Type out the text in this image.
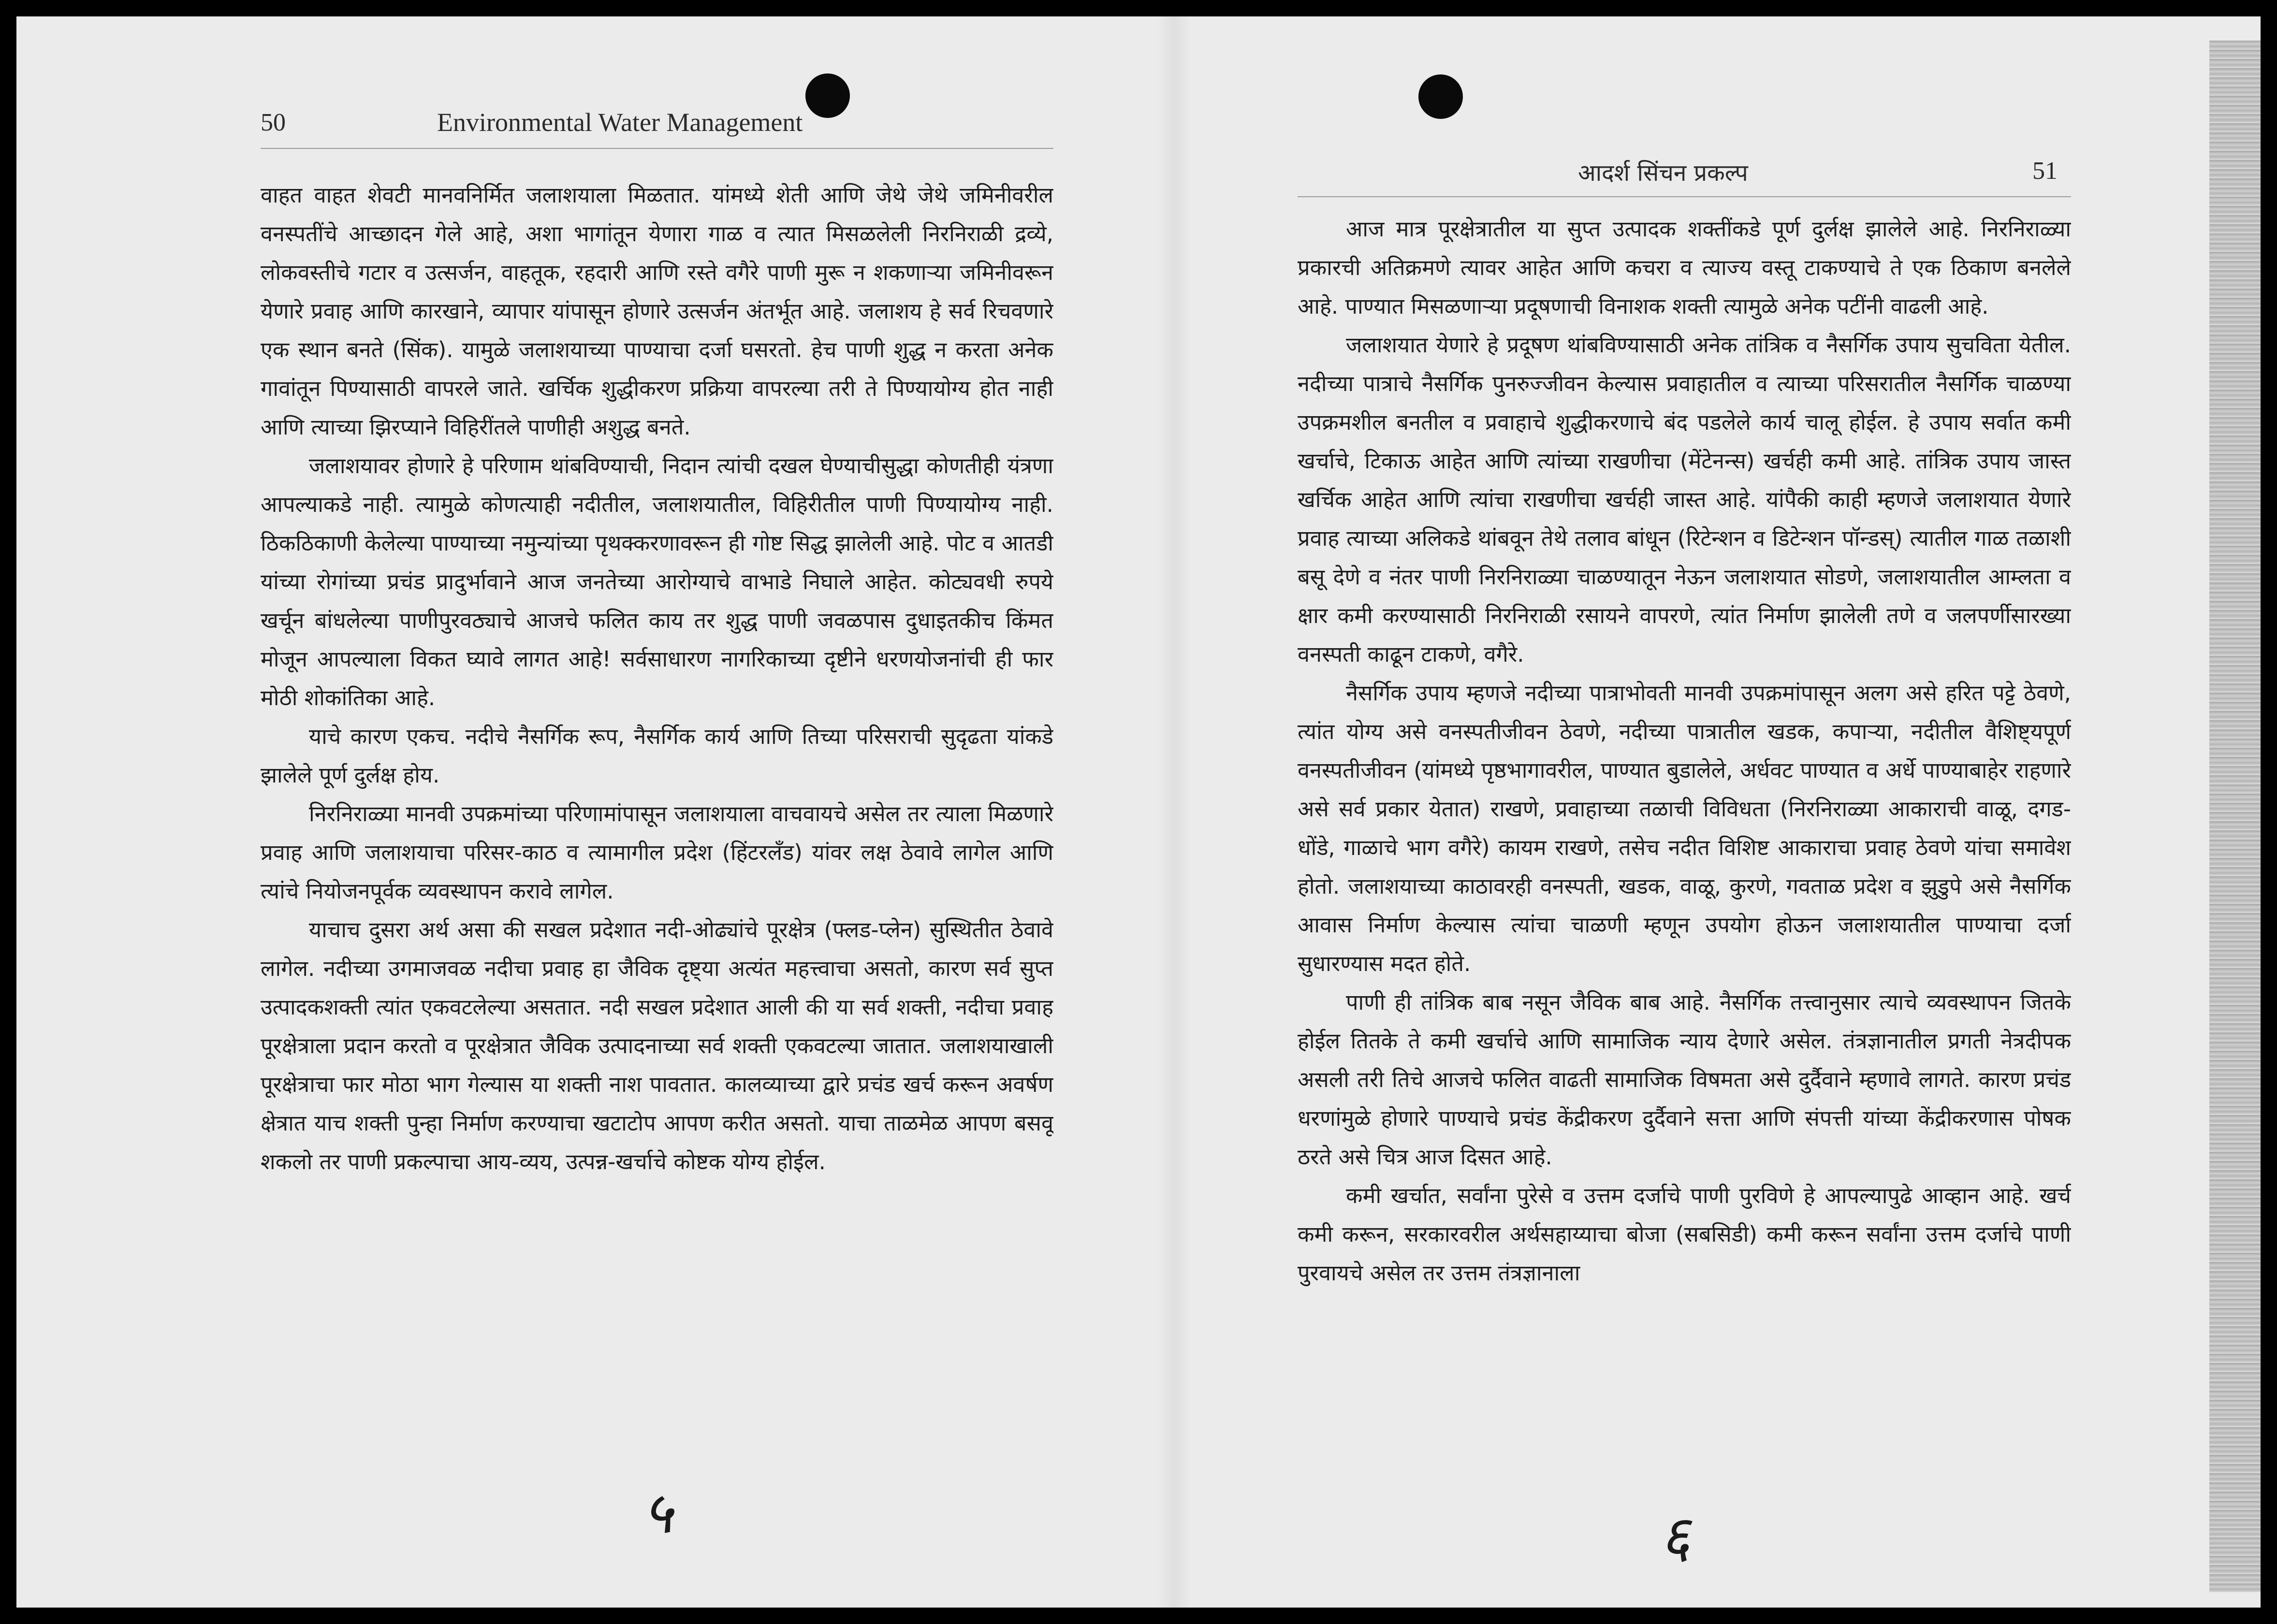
50	Environmental Water Management

वाहत वाहत शेवटी मानवनिर्मित जलाशयाला मिळतात. यांमध्ये शेती आणि जेथे जेथे जमिनीवरील वनस्पतींचे आच्छादन गेले आहे, अशा भागांतून येणारा गाळ व त्यात मिसळलेली निरनिराळी द्रव्ये, लोकवस्तीचे गटार व उत्सर्जन, वाहतूक, रहदारी आणि रस्ते वगैरे पाणी मुरू न शकणाऱ्या जमिनीवरून येणारे प्रवाह आणि कारखाने, व्यापार यांपासून होणारे उत्सर्जन अंतर्भूत आहे. जलाशय हे सर्व रिचवणारे एक स्थान बनते (सिंक). यामुळे जलाशयाच्या पाण्याचा दर्जा घसरतो. हेच पाणी शुद्ध न करता अनेक गावांतून पिण्यासाठी वापरले जाते. खर्चिक शुद्धीकरण प्रक्रिया वापरल्या तरी ते पिण्यायोग्य होत नाही आणि त्याच्या झिरप्याने विहिरींतले पाणीही अशुद्ध बनते.

जलाशयावर होणारे हे परिणाम थांबविण्याची, निदान त्यांची दखल घेण्याचीसुद्धा कोणतीही यंत्रणा आपल्याकडे नाही. त्यामुळे कोणत्याही नदीतील, जलाशयातील, विहिरीतील पाणी पिण्यायोग्य नाही. ठिकठिकाणी केलेल्या पाण्याच्या नमुन्यांच्या पृथक्करणावरून ही गोष्ट सिद्ध झालेली आहे. पोट व आतडी यांच्या रोगांच्या प्रचंड प्रादुर्भावाने आज जनतेच्या आरोग्याचे वाभाडे निघाले आहेत. कोट्यवधी रुपये खर्चून बांधलेल्या पाणीपुरवठ्याचे आजचे फलित काय तर शुद्ध पाणी जवळपास दुधाइतकीच किंमत मोजून आपल्याला विकत घ्यावे लागत आहे! सर्वसाधारण नागरिकाच्या दृष्टीने धरणयोजनांची ही फार मोठी शोकांतिका आहे.

याचे कारण एकच. नदीचे नैसर्गिक रूप, नैसर्गिक कार्य आणि तिच्या परिसराची सुदृढता यांकडे झालेले पूर्ण दुर्लक्ष होय.

निरनिराळ्या मानवी उपक्रमांच्या परिणामांपासून जलाशयाला वाचवायचे असेल तर त्याला मिळणारे प्रवाह आणि जलाशयाचा परिसर-काठ व त्यामागील प्रदेश (हिंटरलँड) यांवर लक्ष ठेवावे लागेल आणि त्यांचे नियोजनपूर्वक व्यवस्थापन करावे लागेल.

याचाच दुसरा अर्थ असा की सखल प्रदेशात नदी-ओढ्यांचे पूरक्षेत्र (फ्लड-प्लेन) सुस्थितीत ठेवावे लागेल. नदीच्या उगमाजवळ नदीचा प्रवाह हा जैविक दृष्ट्या अत्यंत महत्त्वाचा असतो, कारण सर्व सुप्त उत्पादकशक्ती त्यांत एकवटलेल्या असतात. नदी सखल प्रदेशात आली की या सर्व शक्ती, नदीचा प्रवाह पूरक्षेत्राला प्रदान करतो व पूरक्षेत्रात जैविक उत्पादनाच्या सर्व शक्ती एकवटल्या जातात. जलाशयाखाली पूरक्षेत्राचा फार मोठा भाग गेल्यास या शक्ती नाश पावतात. कालव्याच्या द्वारे प्रचंड खर्च करून अवर्षण क्षेत्रात याच शक्ती पुन्हा निर्माण करण्याचा खटाटोप आपण करीत असतो. याचा ताळमेळ आपण बसवू शकलो तर पाणी प्रकल्पाचा आय-व्यय, उत्पन्न-खर्चाचे कोष्टक योग्य होईल.

५
आदर्श सिंचन प्रकल्प	51

आज मात्र पूरक्षेत्रातील या सुप्त उत्पादक शक्तींकडे पूर्ण दुर्लक्ष झालेले आहे. निरनिराळ्या प्रकारची अतिक्रमणे त्यावर आहेत आणि कचरा व त्याज्य वस्तू टाकण्याचे ते एक ठिकाण बनलेले आहे. पाण्यात मिसळणाऱ्या प्रदूषणाची विनाशक शक्ती त्यामुळे अनेक पटींनी वाढली आहे.

जलाशयात येणारे हे प्रदूषण थांबविण्यासाठी अनेक तांत्रिक व नैसर्गिक उपाय सुचविता येतील. नदीच्या पात्राचे नैसर्गिक पुनरुज्जीवन केल्यास प्रवाहातील व त्याच्या परिसरातील नैसर्गिक चाळण्या उपक्रमशील बनतील व प्रवाहाचे शुद्धीकरणाचे बंद पडलेले कार्य चालू होईल. हे उपाय सर्वात कमी खर्चाचे, टिकाऊ आहेत आणि त्यांच्या राखणीचा (मेंटेनन्स) खर्चही कमी आहे. तांत्रिक उपाय जास्त खर्चिक आहेत आणि त्यांचा राखणीचा खर्चही जास्त आहे. यांपैकी काही म्हणजे जलाशयात येणारे प्रवाह त्याच्या अलिकडे थांबवून तेथे तलाव बांधून (रिटेन्शन व डिटेन्शन पॉन्डस्) त्यातील गाळ तळाशी बसू देणे व नंतर पाणी निरनिराळ्या चाळण्यातून नेऊन जलाशयात सोडणे, जलाशयातील आम्लता व क्षार कमी करण्यासाठी निरनिराळी रसायने वापरणे, त्यांत निर्माण झालेली तणे व जलपर्णीसारख्या वनस्पती काढून टाकणे, वगैरे.

नैसर्गिक उपाय म्हणजे नदीच्या पात्राभोवती मानवी उपक्रमांपासून अलग असे हरित पट्टे ठेवणे, त्यांत योग्य असे वनस्पतीजीवन ठेवणे, नदीच्या पात्रातील खडक, कपाऱ्या, नदीतील वैशिष्ट्यपूर्ण वनस्पतीजीवन (यांमध्ये पृष्ठभागावरील, पाण्यात बुडालेले, अर्धवट पाण्यात व अर्धे पाण्याबाहेर राहणारे असे सर्व प्रकार येतात) राखणे, प्रवाहाच्या तळाची विविधता (निरनिराळ्या आकाराची वाळू, दगड-धोंडे, गाळाचे भाग वगैरे) कायम राखणे, तसेच नदीत विशिष्ट आकाराचा प्रवाह ठेवणे यांचा समावेश होतो. जलाशयाच्या काठावरही वनस्पती, खडक, वाळू, कुरणे, गवताळ प्रदेश व झुडुपे असे नैसर्गिक आवास निर्माण केल्यास त्यांचा चाळणी म्हणून उपयोग होऊन जलाशयातील पाण्याचा दर्जा सुधारण्यास मदत होते.

पाणी ही तांत्रिक बाब नसून जैविक बाब आहे. नैसर्गिक तत्त्वानुसार त्याचे व्यवस्थापन जितके होईल तितके ते कमी खर्चाचे आणि सामाजिक न्याय देणारे असेल. तंत्रज्ञानातील प्रगती नेत्रदीपक असली तरी तिचे आजचे फलित वाढती सामाजिक विषमता असे दुर्दैवाने म्हणावे लागते. कारण प्रचंड धरणांमुळे होणारे पाण्याचे प्रचंड केंद्रीकरण दुर्दैवाने सत्ता आणि संपत्ती यांच्या केंद्रीकरणास पोषक ठरते असे चित्र आज दिसत आहे.

कमी खर्चात, सर्वांना पुरेसे व उत्तम दर्जाचे पाणी पुरविणे हे आपल्यापुढे आव्हान आहे. खर्च कमी करून, सरकारवरील अर्थसहाय्याचा बोजा (सबसिडी) कमी करून सर्वांना उत्तम दर्जाचे पाणी पुरवायचे असेल तर उत्तम तंत्रज्ञानाला

६
